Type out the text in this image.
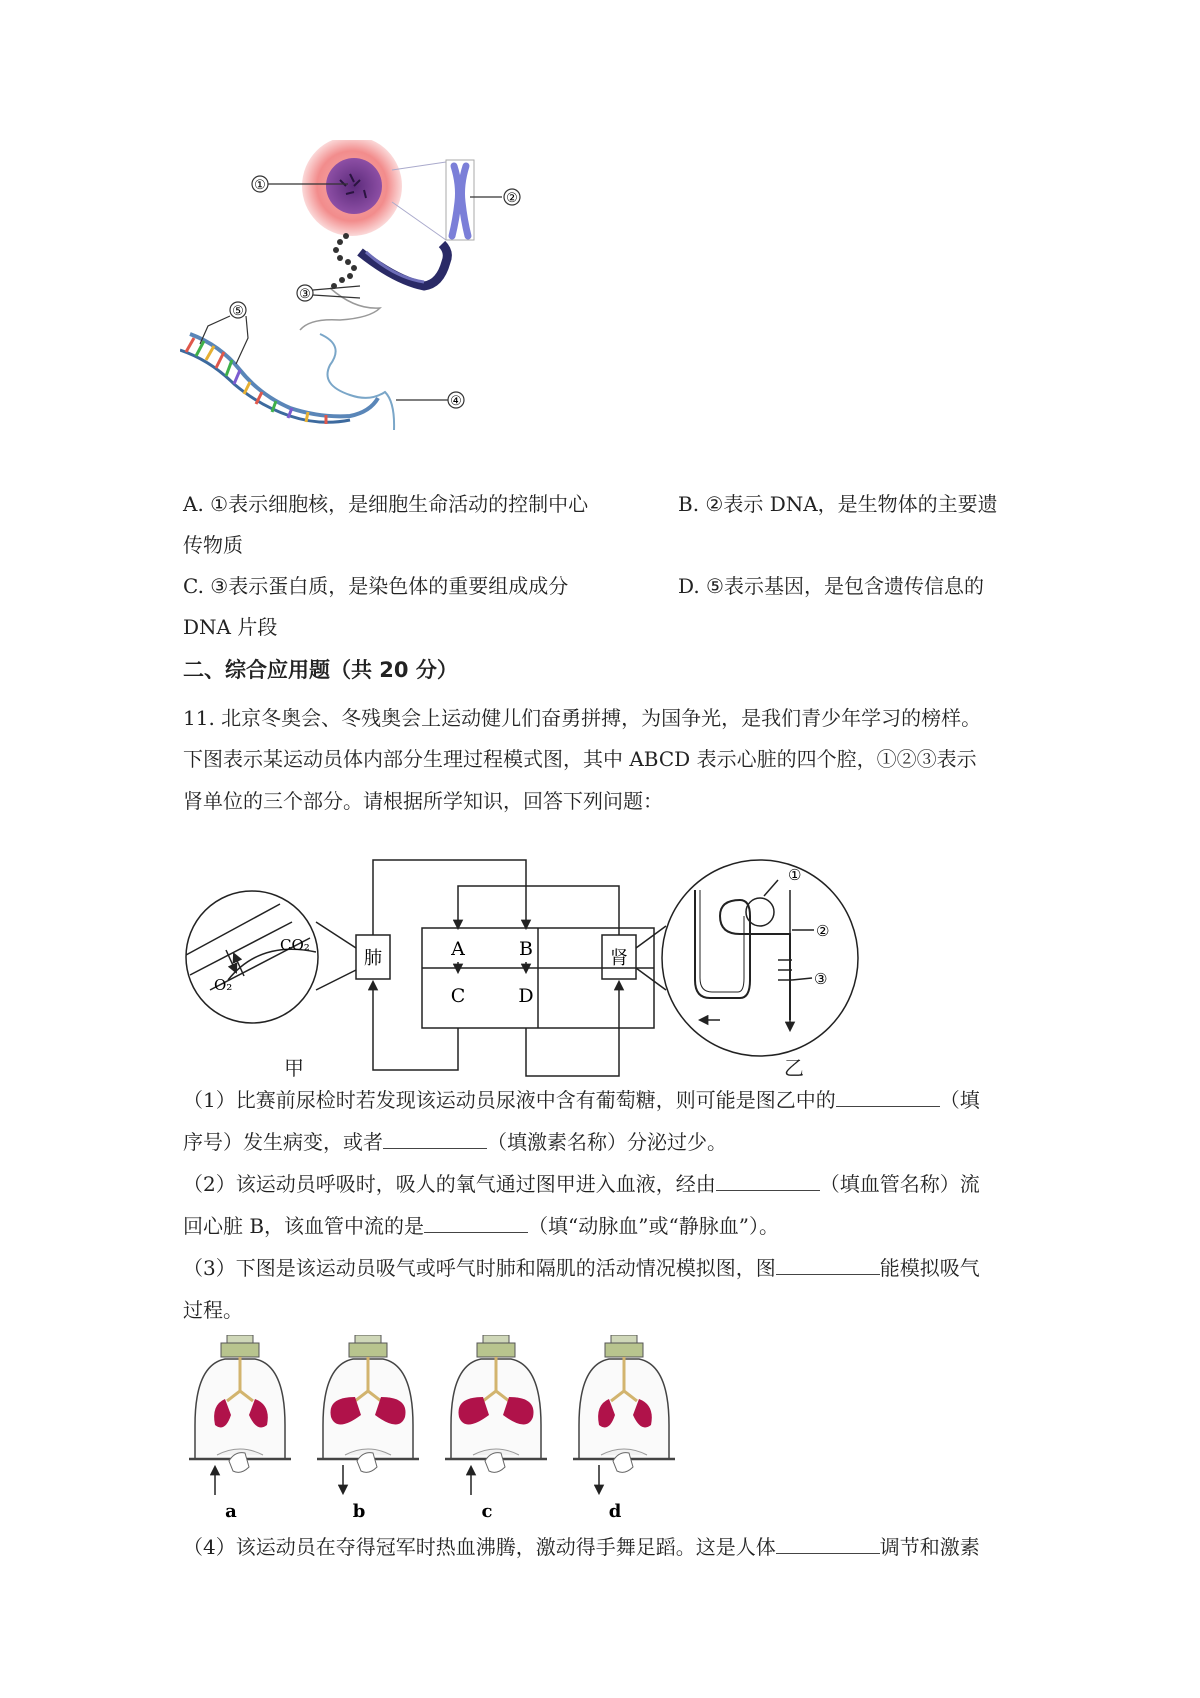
①
③
⑤
④
②
A. ①表示细胞核，是细胞生命活动的控制中心	B. ②表示 DNA，是生物体的主要遗
传物质
C. ③表示蛋白质，是染色体的重要组成成分	D. ⑤表示基因，是包含遗传信息的
DNA 片段
二、综合应用题（共 20 分）
11. 北京冬奥会、冬残奥会上运动健儿们奋勇拼搏，为国争光，是我们青少年学习的榜样。
下图表示某运动员体内部分生理过程模式图，其中 ABCD 表示心脏的四个腔，①②③表示
肾单位的三个部分。请根据所学知识，回答下列问题：
CO₂
O₂
肺	肾
A	B
C	D
①
②
③
甲	乙
（1）比赛前尿检时若发现该运动员尿液中含有葡萄糖，则可能是图乙中的	（填
序号）发生病变，或者	（填激素名称）分泌过少。
（2）该运动员呼吸时，吸人的氧气通过图甲进入血液，经由	（填血管名称）流
回心脏 B，该血管中流的是	（填“动脉血”或“静脉血”）。
（3）下图是该运动员吸气或呼气时肺和隔肌的活动情况模拟图，图	能模拟吸气
过程。
a	b	c	d
（4）该运动员在夺得冠军时热血沸腾，激动得手舞足蹈。这是人体	调节和激素
